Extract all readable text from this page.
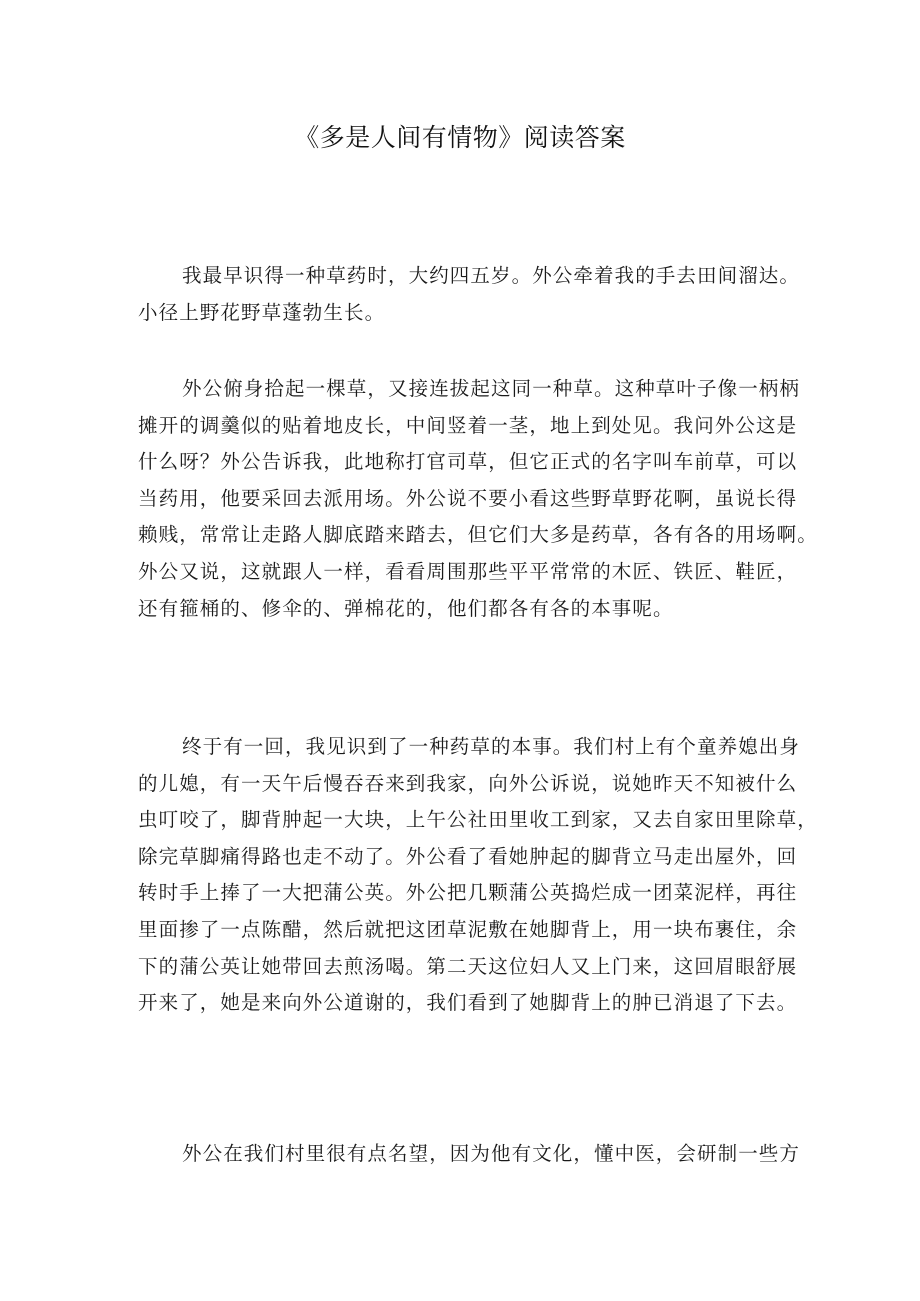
《多是人间有情物》阅读答案
我最早识得一种草药时，大约四五岁。外公牵着我的手去田间溜达。
小径上野花野草蓬勃生长。
外公俯身拾起一棵草，又接连拔起这同一种草。这种草叶子像一柄柄
摊开的调羹似的贴着地皮长，中间竖着一茎，地上到处见。我问外公这是
什么呀？外公告诉我，此地称打官司草，但它正式的名字叫车前草，可以
当药用，他要采回去派用场。外公说不要小看这些野草野花啊，虽说长得
赖贱，常常让走路人脚底踏来踏去，但它们大多是药草，各有各的用场啊。
外公又说，这就跟人一样，看看周围那些平平常常的木匠、铁匠、鞋匠，
还有箍桶的、修伞的、弹棉花的，他们都各有各的本事呢。
终于有一回，我见识到了一种药草的本事。我们村上有个童养媳出身
的儿媳，有一天午后慢吞吞来到我家，向外公诉说，说她昨天不知被什么
虫叮咬了，脚背肿起一大块，上午公社田里收工到家，又去自家田里除草，
除完草脚痛得路也走不动了。外公看了看她肿起的脚背立马走出屋外，回
转时手上捧了一大把蒲公英。外公把几颗蒲公英捣烂成一团菜泥样，再往
里面掺了一点陈醋，然后就把这团草泥敷在她脚背上，用一块布裹住，余
下的蒲公英让她带回去煎汤喝。第二天这位妇人又上门来，这回眉眼舒展
开来了，她是来向外公道谢的，我们看到了她脚背上的肿已消退了下去。
外公在我们村里很有点名望，因为他有文化，懂中医，会研制一些方
